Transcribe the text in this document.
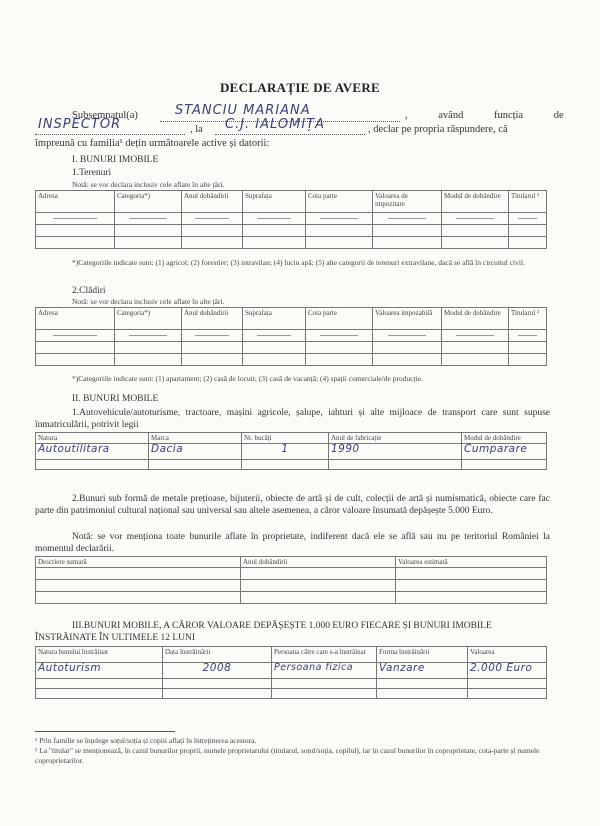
DECLARAȚIE DE AVERE
Subsemnatul(a)	STANCIU MARIANA	, având funcția de
INSPECTOR	, la C.J. IALOMIȚA	, declar pe propria răspundere, că
împreună cu familia¹ dețin următoarele active și datorii:
I. BUNURI IMOBILE
1.Terenuri
Notă: se vor declara inclusiv cele aflate în alte țări.
Adresa	Categoria*)	Anul dobândirii	Suprafața	Cota parte	Valoarea de impozitare	Modul de dobândire	Titularul ²

*)Categoriile indicate sunt: (1) agricol; (2) forestier; (3) intravilan; (4) luciu apă; (5) alte categorii de terenuri extravilane, dacă se află în circuitul civil.
2.Clădiri
Notă: se vor declara inclusiv cele aflate în alte țări.
Adresa	Categoria*)	Anul dobândirii	Suprafața	Cota parte	Valoarea impozabilă	Modul de dobândire	Titularul ²

*)Categoriile indicate sunt: (1) apartament; (2) casă de locuit; (3) casă de vacanță; (4) spații comerciale/de producție.
II. BUNURI MOBILE
1.Autovehicule/autoturisme, tractoare, mașini agricole, șalupe, iahturi și alte mijloace de transport care sunt supuse înmatriculării, potrivit legii
Natura	Marca	Nr. bucăți	Anul de fabricație	Modul de dobândire
Autoutilitara	Dacia	1	1990	Cumparare

2.Bunuri sub formă de metale prețioase, bijuterii, obiecte de artă și de cult, colecții de artă și numismatică, obiecte care fac parte din patrimoniul cultural național sau universal sau altele asemenea, a căror valoare însumată depășește 5.000 Euro.
Notă: se vor menționa toate bunurile aflate în proprietate, indiferent dacă ele se află sau nu pe teritoriul României la momentul declarării.
Descriere sumară	Anul dobândirii	Valoarea estimată

III.BUNURI MOBILE, A CĂROR VALOARE DEPĂȘEȘTE 1.000 EURO FIECARE ȘI BUNURI IMOBILE ÎNSTRĂINATE ÎN ULTIMELE 12 LUNI
Natura bunului înstrăinat	Data înstrăinării	Persoana către care s-a înstrăinat	Forma înstrăinării	Valoarea
Autoturism	2008	Persoana fizica	Vanzare	2.000 Euro

¹ Prin familie se înțelege soțul/soția și copiii aflați în întreținerea acestora.
² La "titular" se menționează, în cazul bunurilor proprii, numele proprietarului (titularul, soțul/soția, copilul), iar în cazul bunurilor în coproprietate, cota-parte și numele coproprietarilor.
